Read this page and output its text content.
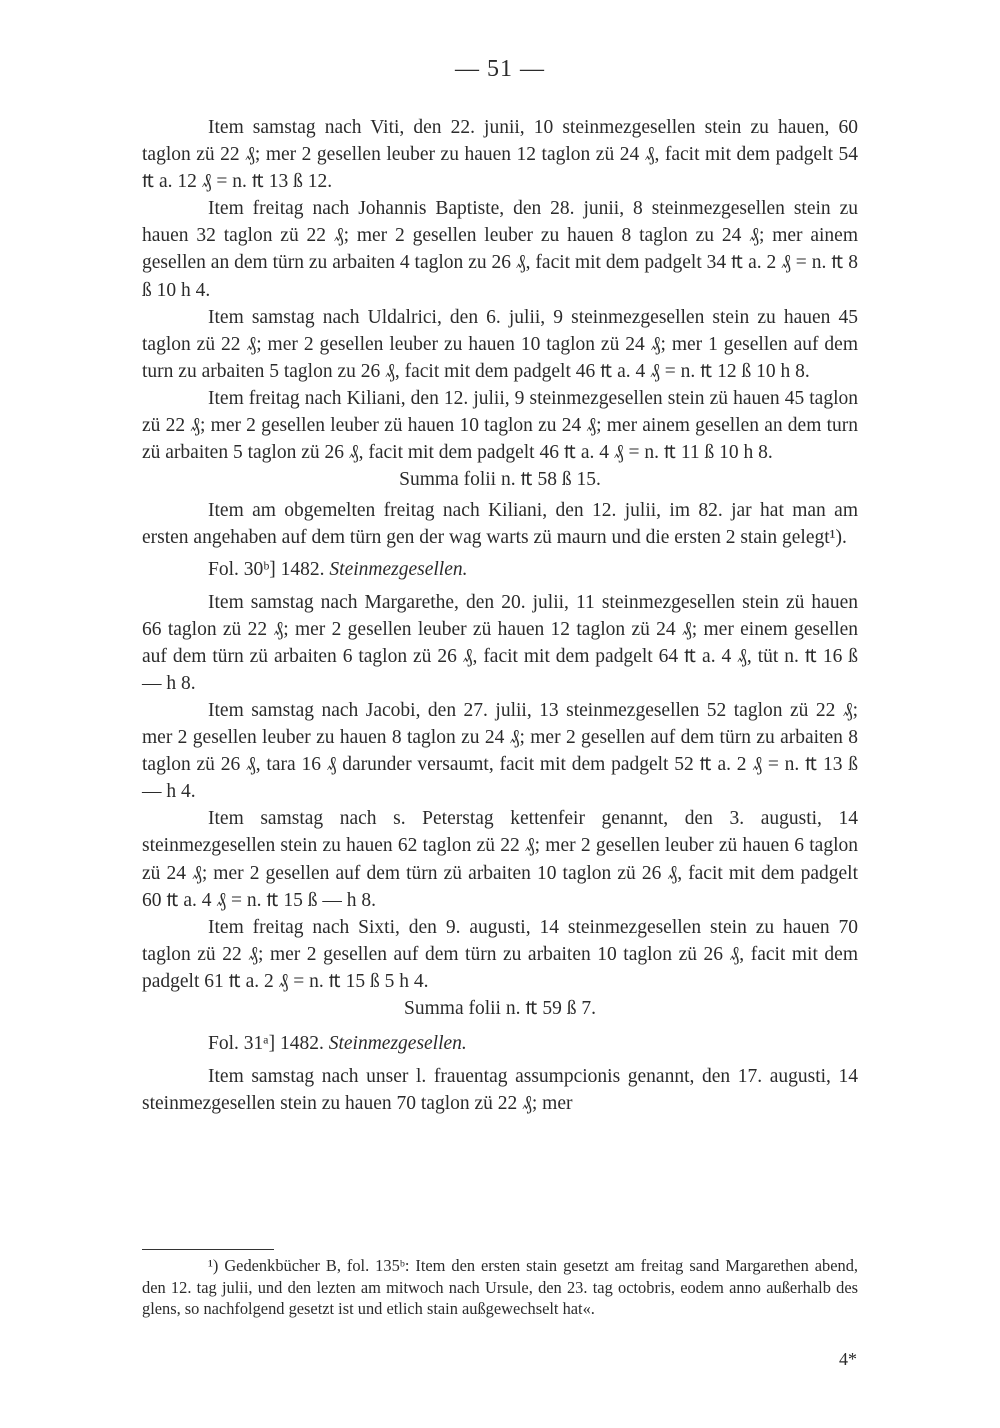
— 51 —

Item samstag nach Viti, den 22. junii, 10 steinmezgesellen stein zu hauen, 60 taglon zü 22 ₰; mer 2 gesellen leuber zu hauen 12 taglon zü 24 ₰, facit mit dem padgelt 54 ₶ a. 12 ₰ = n. ₶ 13 ß 12.

Item freitag nach Johannis Baptiste, den 28. junii, 8 steinmezgesellen stein zu hauen 32 taglon zü 22 ₰; mer 2 gesellen leuber zu hauen 8 taglon zu 24 ₰; mer ainem gesellen an dem türn zu arbaiten 4 taglon zu 26 ₰, facit mit dem padgelt 34 ₶ a. 2 ₰ = n. ₶ 8 ß 10 h 4.

Item samstag nach Uldalrici, den 6. julii, 9 steinmezgesellen stein zu hauen 45 taglon zü 22 ₰; mer 2 gesellen leuber zu hauen 10 taglon zü 24 ₰; mer 1 gesellen auf dem turn zu arbaiten 5 taglon zu 26 ₰, facit mit dem padgelt 46 ₶ a. 4 ₰ = n. ₶ 12 ß 10 h 8.

Item freitag nach Kiliani, den 12. julii, 9 steinmezgesellen stein zü hauen 45 taglon zü 22 ₰; mer 2 gesellen leuber zü hauen 10 taglon zu 24 ₰; mer ainem gesellen an dem turn zü arbaiten 5 taglon zü 26 ₰, facit mit dem padgelt 46 ₶ a. 4 ₰ = n. ₶ 11 ß 10 h 8.

Summa folii n. ₶ 58 ß 15.

Item am obgemelten freitag nach Kiliani, den 12. julii, im 82. jar hat man am ersten angehaben auf dem türn gen der wag warts zü maurn und die ersten 2 stain gelegt¹).

Fol. 30ᵇ] 1482. Steinmezgesellen.

Item samstag nach Margarethe, den 20. julii, 11 steinmezgesellen stein zü hauen 66 taglon zü 22 ₰; mer 2 gesellen leuber zü hauen 12 taglon zü 24 ₰; mer einem gesellen auf dem türn zü arbaiten 6 taglon zü 26 ₰, facit mit dem padgelt 64 ₶ a. 4 ₰, tüt n. ₶ 16 ß — h 8.

Item samstag nach Jacobi, den 27. julii, 13 steinmezgesellen 52 taglon zü 22 ₰; mer 2 gesellen leuber zu hauen 8 taglon zu 24 ₰; mer 2 gesellen auf dem türn zu arbaiten 8 taglon zü 26 ₰, tara 16 ₰ darunder versaumt, facit mit dem padgelt 52 ₶ a. 2 ₰ = n. ₶ 13 ß — h 4.

Item samstag nach s. Peterstag kettenfeir genannt, den 3. augusti, 14 steinmezgesellen stein zu hauen 62 taglon zü 22 ₰; mer 2 gesellen leuber zü hauen 6 taglon zü 24 ₰; mer 2 gesellen auf dem türn zü arbaiten 10 taglon zü 26 ₰, facit mit dem padgelt 60 ₶ a. 4 ₰ = n. ₶ 15 ß — h 8.

Item freitag nach Sixti, den 9. augusti, 14 steinmezgesellen stein zu hauen 70 taglon zü 22 ₰; mer 2 gesellen auf dem türn zu arbaiten 10 taglon zü 26 ₰, facit mit dem padgelt 61 ₶ a. 2 ₰ = n. ₶ 15 ß 5 h 4.

Summa folii n. ₶ 59 ß 7.

Fol. 31ᵃ] 1482. Steinmezgesellen.

Item samstag nach unser l. frauentag assumpcionis genannt, den 17. augusti, 14 steinmezgesellen stein zu hauen 70 taglon zü 22 ₰; mer

¹) Gedenkbücher B, fol. 135ᵇ: Item den ersten stain gesetzt am freitag sand Margarethen abend, den 12. tag julii, und den lezten am mitwoch nach Ursule, den 23. tag octobris, eodem anno außerhalb des glens, so nachfolgend gesetzt ist und etlich stain außgewechselt hat«.

4*
